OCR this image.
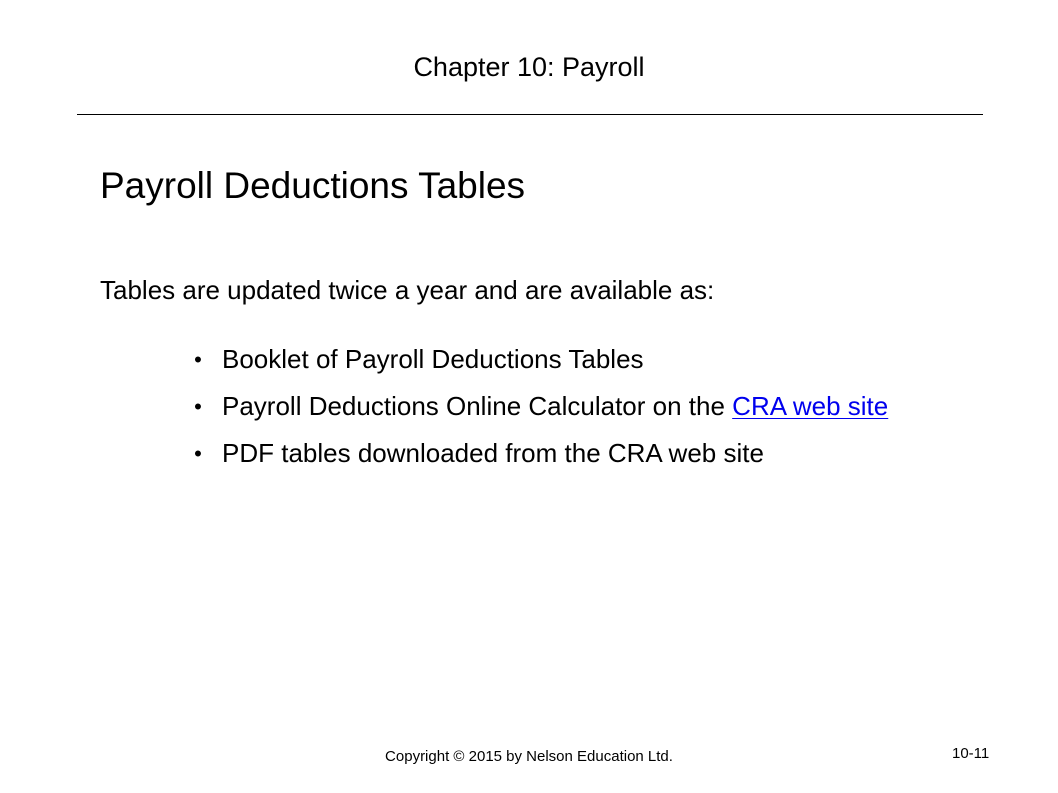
Chapter 10: Payroll
Payroll Deductions Tables
Tables are updated twice a year and are available as:
• Booklet of Payroll Deductions Tables
• Payroll Deductions Online Calculator on the CRA web site
• PDF tables downloaded from the CRA web site
Copyright © 2015 by Nelson Education Ltd.	10-11
